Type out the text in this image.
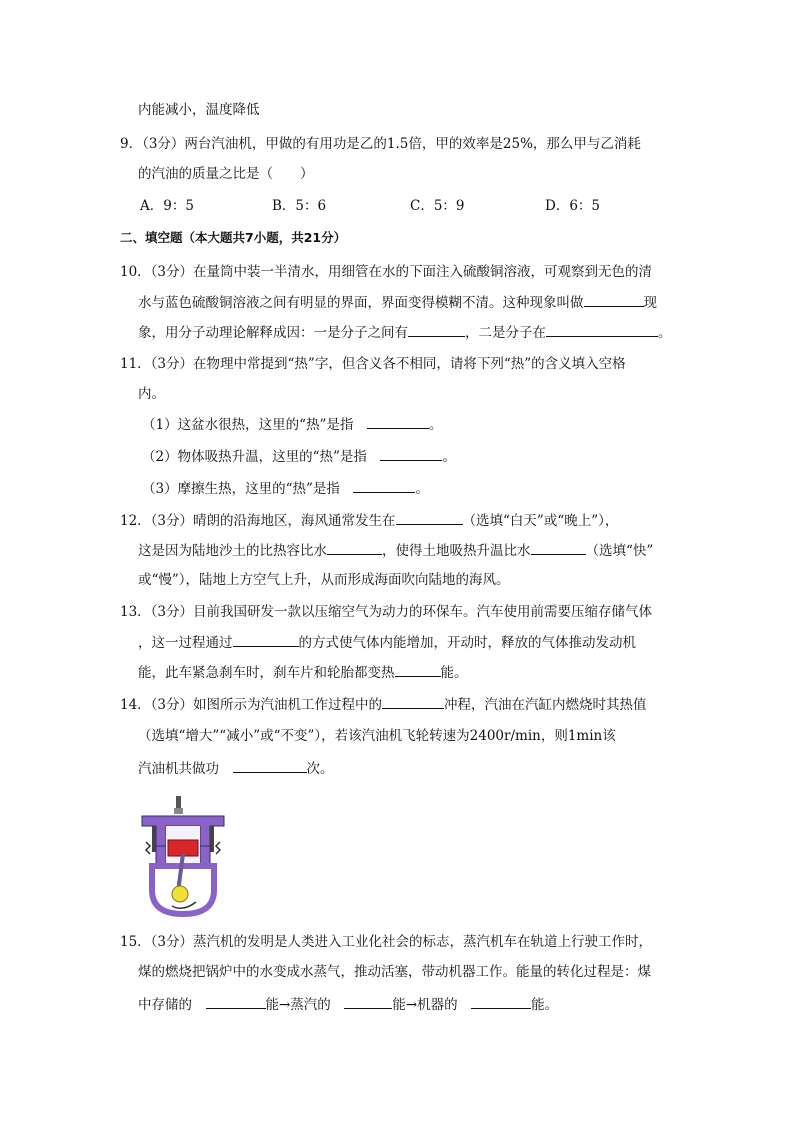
内能减小，温度降低
9．（3分）两台汽油机，甲做的有用功是乙的1.5倍，甲的效率是25%，那么甲与乙消耗
的汽油的质量之比是（　　）
A．9：5	B．5：6	C．5：9	D．6：5
二、填空题（本大题共7小题，共21分）
10．（3分）在量筒中装一半清水，用细管在水的下面注入硫酸铜溶液，可观察到无色的清
水与蓝色硫酸铜溶液之间有明显的界面，界面变得模糊不清。这种现象叫做	现
象，用分子动理论解释成因：一是分子之间有	，二是分子在	。
11．（3分）在物理中常提到“热”字，但含义各不相同，请将下列“热”的含义填入空格
内。
（1）这盆水很热，这里的“热”是指　	。
（2）物体吸热升温，这里的“热”是指　	。
（3）摩擦生热，这里的“热”是指　	。
12．（3分）晴朗的沿海地区，海风通常发生在	（选填“白天”或“晚上”），
这是因为陆地沙土的比热容比水	，使得土地吸热升温比水	（选填“快”
或“慢”），陆地上方空气上升，从而形成海面吹向陆地的海风。
13．（3分）目前我国研发一款以压缩空气为动力的环保车。汽车使用前需要压缩存储气体
，这一过程通过	的方式使气体内能增加，开动时，释放的气体推动发动机
能，此车紧急刹车时，刹车片和轮胎都变热	能。
14．（3分）如图所示为汽油机工作过程中的	冲程，汽油在汽缸内燃烧时其热值
（选填“增大”“减小”或“不变”），若该汽油机飞轮转速为2400r/min，则1min该
汽油机共做功　	次。
15．（3分）蒸汽机的发明是人类进入工业化社会的标志，蒸汽机车在轨道上行驶工作时，
煤的燃烧把锅炉中的水变成水蒸气，推动活塞，带动机器工作。能量的转化过程是：煤
中存储的　	能→蒸汽的　	能→机器的　	能。
